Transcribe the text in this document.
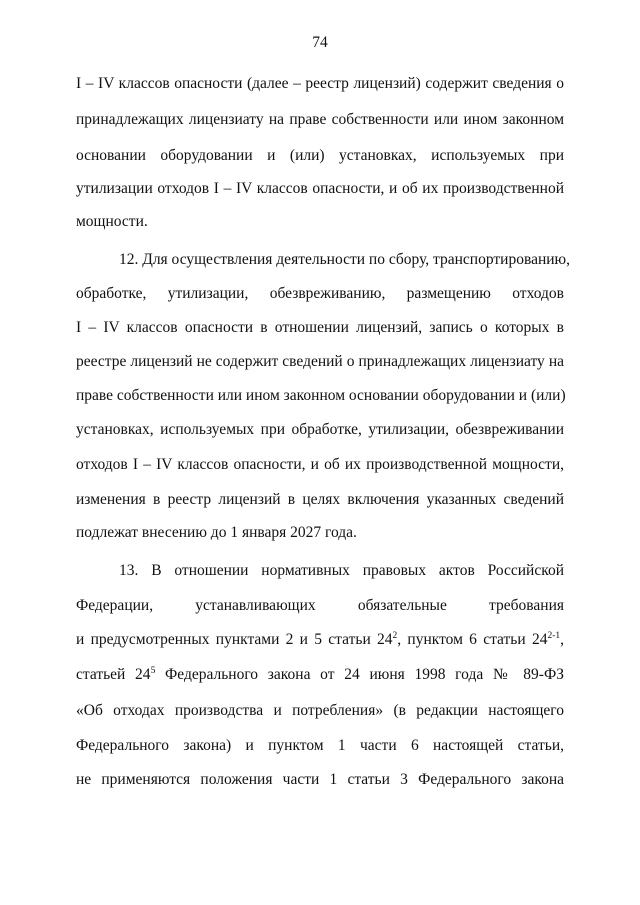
74
I – IV классов опасности (далее – реестр лицензий) содержит сведения о
принадлежащих лицензиату на праве собственности или ином законном
основании оборудовании и (или) установках, используемых при
утилизации отходов I – IV классов опасности, и об их производственной
мощности.
12. Для осуществления деятельности по сбору, транспортированию,
обработке, утилизации, обезвреживанию, размещению отходов
I – IV классов опасности в отношении лицензий, запись о которых в
реестре лицензий не содержит сведений о принадлежащих лицензиату на
праве собственности или ином законном основании оборудовании и (или)
установках, используемых при обработке, утилизации, обезвреживании
отходов I – IV классов опасности, и об их производственной мощности,
изменения в реестр лицензий в целях включения указанных сведений
подлежат внесению до 1 января 2027 года.
13. В отношении нормативных правовых актов Российской
Федерации, устанавливающих обязательные требования
и предусмотренных пунктами 2 и 5 статьи $24^2$, пунктом 6 статьи 24$^{2-1}$,
статьей $24^5$ Федерального закона от 24 июня 1998 года № 89-ФЗ
«Об отходах производства и потребления» (в редакции настоящего
Федерального закона) и пунктом 1 части 6 настоящей статьи,
не применяются положения части 1 статьи 3 Федерального закона
